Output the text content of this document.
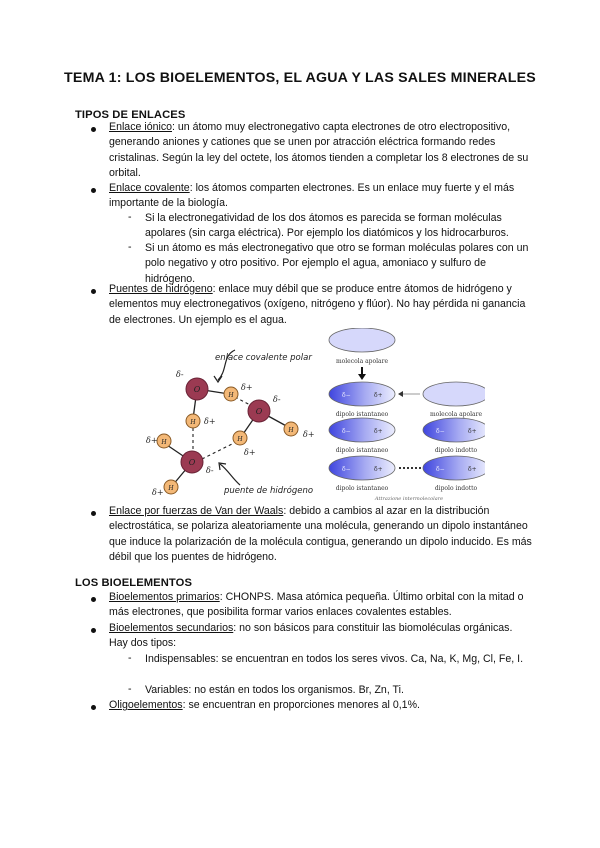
TEMA 1: LOS BIOELEMENTOS, EL AGUA Y LAS SALES MINERALES
TIPOS DE ENLACES
Enlace iónico: un átomo muy electronegativo capta electrones de otro electropositivo, generando aniones y cationes que se unen por atracción eléctrica formando redes cristalinas. Según la ley del octete, los átomos tienden a completar los 8 electrones de su orbital.
Enlace covalente: los átomos comparten electrones. Es un enlace muy fuerte y el más importante de la biología.
- Si la electronegatividad de los dos átomos es parecida se forman moléculas apolares (sin carga eléctrica). Por ejemplo los diatómicos y los hidrocarburos.
- Si un átomo es más electronegativo que otro se forman moléculas polares con un polo negativo y otro positivo. Por ejemplo el agua, amoniaco y sulfuro de hidrógeno.
Puentes de hidrógeno: enlace muy débil que se produce entre átomos de hidrógeno y elementos muy electronegativos (oxígeno, nitrógeno y flúor). No hay pérdida ni ganancia de electrones. Un ejemplo es el agua.
O
O
O
H
H
H
H
H
H
δ-
δ+
δ+
δ-
δ+
δ+
δ+
δ-
δ+
enlace covalente polar
puente de hidrógeno
molecola apolare
δ−	δ+
dipolo istantaneo	molecola apolare
δ−	δ+
dipolo istantaneo
δ−	δ+
dipolo indotto
δ−	δ+
dipolo istantaneo
δ−	δ+
dipolo indotto
Attrazione intermolecolare
Enlace por fuerzas de Van der Waals: debido a cambios al azar en la distribución electrostática, se polariza aleatoriamente una molécula, generando un dipolo instantáneo que induce la polarización de la molécula contigua, generando un dipolo inducido. Es más débil que los puentes de hidrógeno.
LOS BIOELEMENTOS
Bioelementos primarios: CHONPS. Masa atómica pequeña. Último orbital con la mitad o más electrones, que posibilita formar varios enlaces covalentes estables.
Bioelementos secundarios: no son básicos para constituir las biomoléculas orgánicas. Hay dos tipos:
- Indispensables: se encuentran en todos los seres vivos. Ca, Na, K, Mg, Cl, Fe, I.
- Variables: no están en todos los organismos. Br, Zn, Ti.
Oligoelementos: se encuentran en proporciones menores al 0,1%.
